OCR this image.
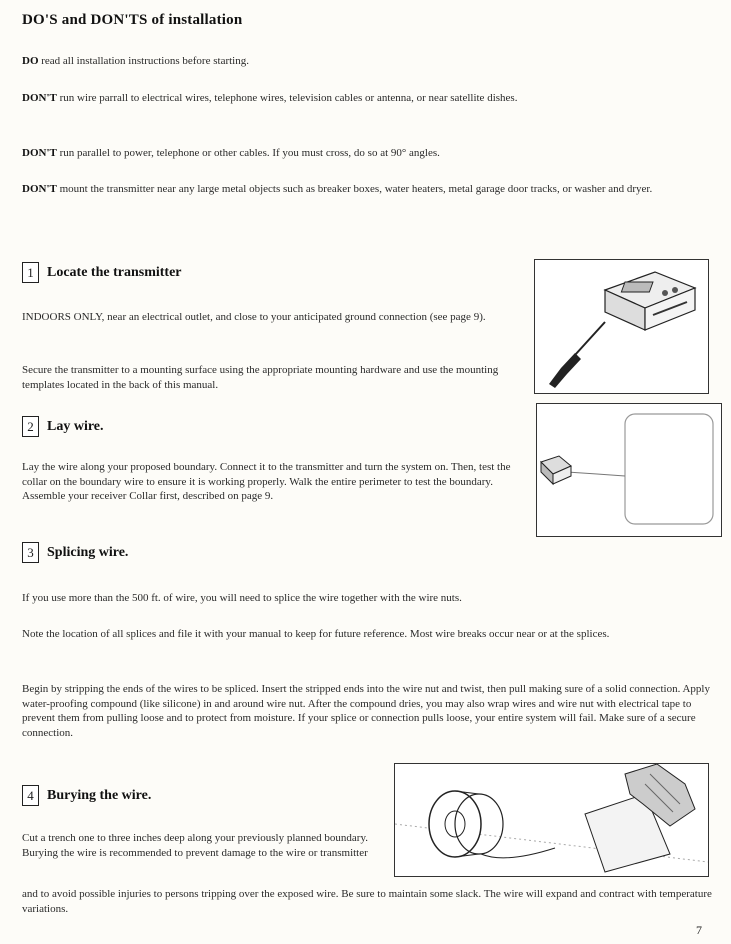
DO'S and DON'TS of installation
DO read all installation instructions before starting.
DON'T run wire parrall to electrical wires, telephone wires, television cables or antenna, or near satellite dishes.
DON'T run parallel to power, telephone or other cables. If you must cross, do so at 90° angles.
DON'T mount the transmitter near any large metal objects such as breaker boxes, water heaters, metal garage door tracks, or washer and dryer.
1 Locate the transmitter
INDOORS ONLY, near an electrical outlet, and close to your anticipated ground connection (see page 9).
Secure the transmitter to a mounting surface using the appropriate mounting hardware and use the mounting templates located in the back of this manual.
2 Lay wire.
Lay the wire along your proposed boundary. Connect it to the transmitter and turn the system on. Then, test the collar on the boundary wire to ensure it is working properly. Walk the entire perimeter to test the boundary. Assemble your receiver Collar first, described on page 9.
3 Splicing wire.
If you use more than the 500 ft. of wire, you will need to splice the wire together with the wire nuts.
Note the location of all splices and file it with your manual to keep for future reference. Most wire breaks occur near or at the splices.
Begin by stripping the ends of the wires to be spliced. Insert the stripped ends into the wire nut and twist, then pull making sure of a solid connection. Apply water-proofing compound (like silicone) in and around wire nut. After the compound dries, you may also wrap wires and wire nut with electrical tape to prevent them from pulling loose and to protect from moisture. If your splice or connection pulls loose, your entire system will fail. Make sure of a secure connection.
4 Burying the wire.
Cut a trench one to three inches deep along your previously planned boundary. Burying the wire is recommended to prevent damage to the wire or transmitter
and to avoid possible injuries to persons tripping over the exposed wire. Be sure to maintain some slack. The wire will expand and contract with temperature variations.
7
